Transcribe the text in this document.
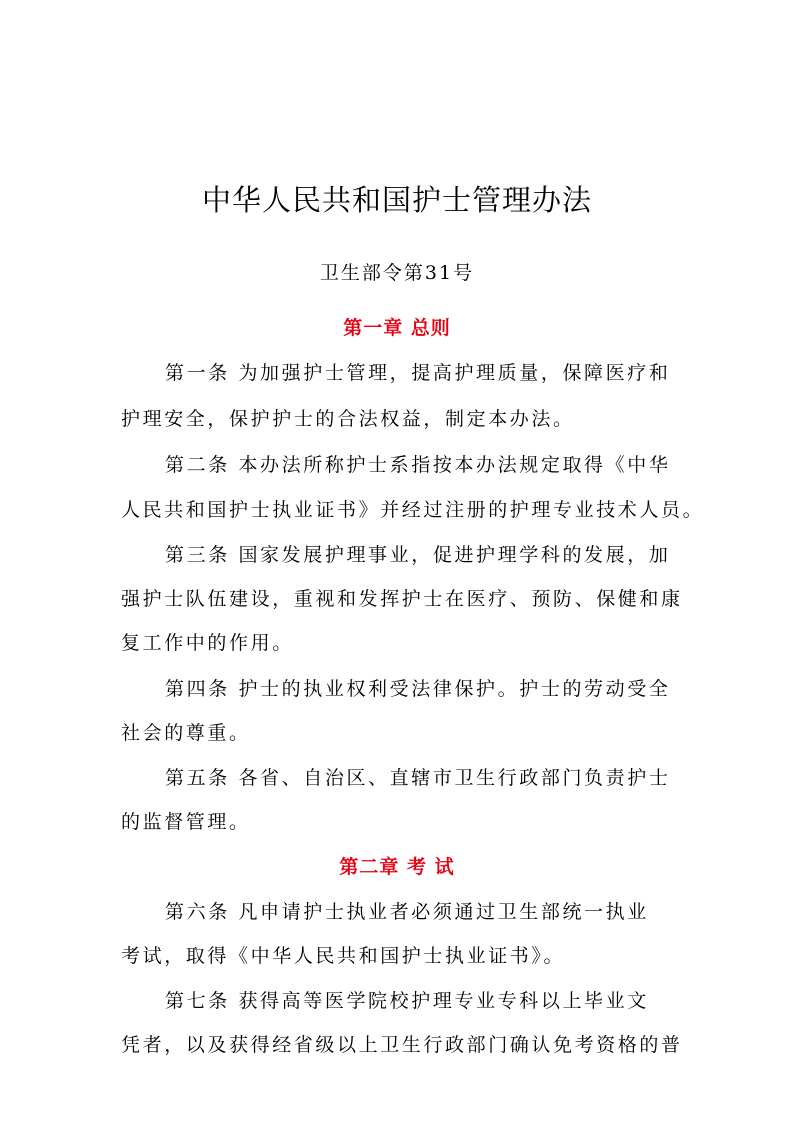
中华人民共和国护士管理办法

卫生部令第31号

第一章 总则

第一条 为加强护士管理，提高护理质量，保障医疗和

护理安全，保护护士的合法权益，制定本办法。

第二条 本办法所称护士系指按本办法规定取得《中华

人民共和国护士执业证书》并经过注册的护理专业技术人员。

第三条 国家发展护理事业，促进护理学科的发展，加

强护士队伍建设，重视和发挥护士在医疗、预防、保健和康

复工作中的作用。

第四条 护士的执业权利受法律保护。护士的劳动受全

社会的尊重。

第五条 各省、自治区、直辖市卫生行政部门负责护士

的监督管理。

第二章 考 试

第六条 凡申请护士执业者必须通过卫生部统一执业

考试，取得《中华人民共和国护士执业证书》。

第七条 获得高等医学院校护理专业专科以上毕业文

凭者，以及获得经省级以上卫生行政部门确认免考资格的普
